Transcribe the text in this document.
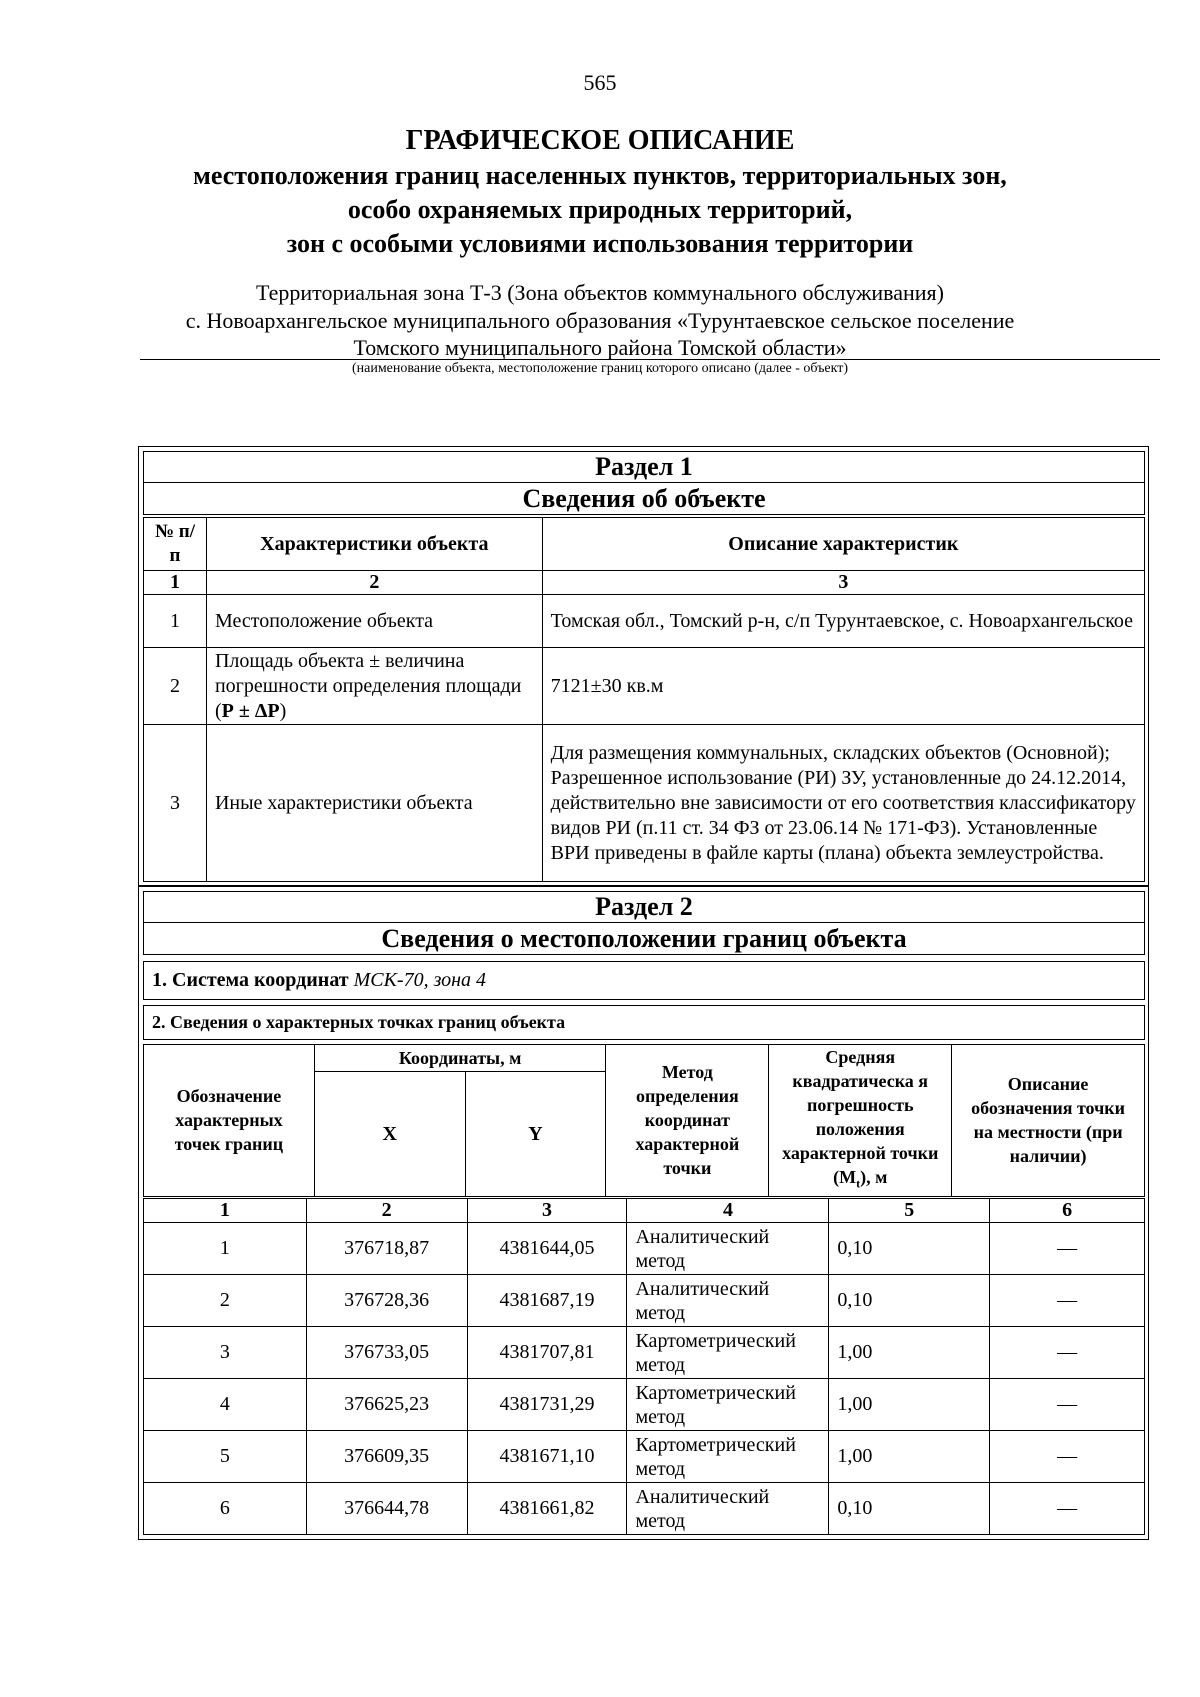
565
ГРАФИЧЕСКОЕ ОПИСАНИЕ
местоположения границ населенных пунктов, территориальных зон,
особо охраняемых природных территорий,
зон с особыми условиями использования территории
Территориальная зона Т-3 (Зона объектов коммунального обслуживания)
с. Новоархангельское муниципального образования «Турунтаевское сельское поселение
Томского муниципального района Томской области»
(наименование объекта, местоположение границ которого описано (далее - объект)
Раздел 1
Сведения об объекте
№ п/п	Характеристики объекта	Описание характеристик
1	2	3
1	Местоположение объекта	Томская обл., Томский р-н, с/п Турунтаевское, с. Новоархангельское
2	Площадь объекта ± величина погрешности определения площади (Р ± ΔР)	7121±30 кв.м
3	Иные характеристики объекта	Для размещения коммунальных, складских объектов (Основной); Разрешенное использование (РИ) ЗУ, установленные до 24.12.2014, действительно вне зависимости от его соответствия классификатору видов РИ (п.11 ст. 34 ФЗ от 23.06.14 № 171-ФЗ). Установленные ВРИ приведены в файле карты (плана) объекта землеустройства.
Раздел 2
Сведения о местоположении границ объекта
1. Система координат МСК-70, зона 4
2. Сведения о характерных точках границ объекта
Обозначение характерных точек границ	Координаты, м		Метод определения координат характерной точки	Средняя квадратическа я погрешность положения характерной точки $(M_t)$, м	Описание обозначения точки на местности (при наличии)
	X	Y			
1	2	3	4	5	6
1	376718,87	4381644,05	Аналитический метод	0,10	—
2	376728,36	4381687,19	Аналитический метод	0,10	—
3	376733,05	4381707,81	Картометрический метод	1,00	—
4	376625,23	4381731,29	Картометрический метод	1,00	—
5	376609,35	4381671,10	Картометрический метод	1,00	—
6	376644,78	4381661,82	Аналитический метод	0,10	—
